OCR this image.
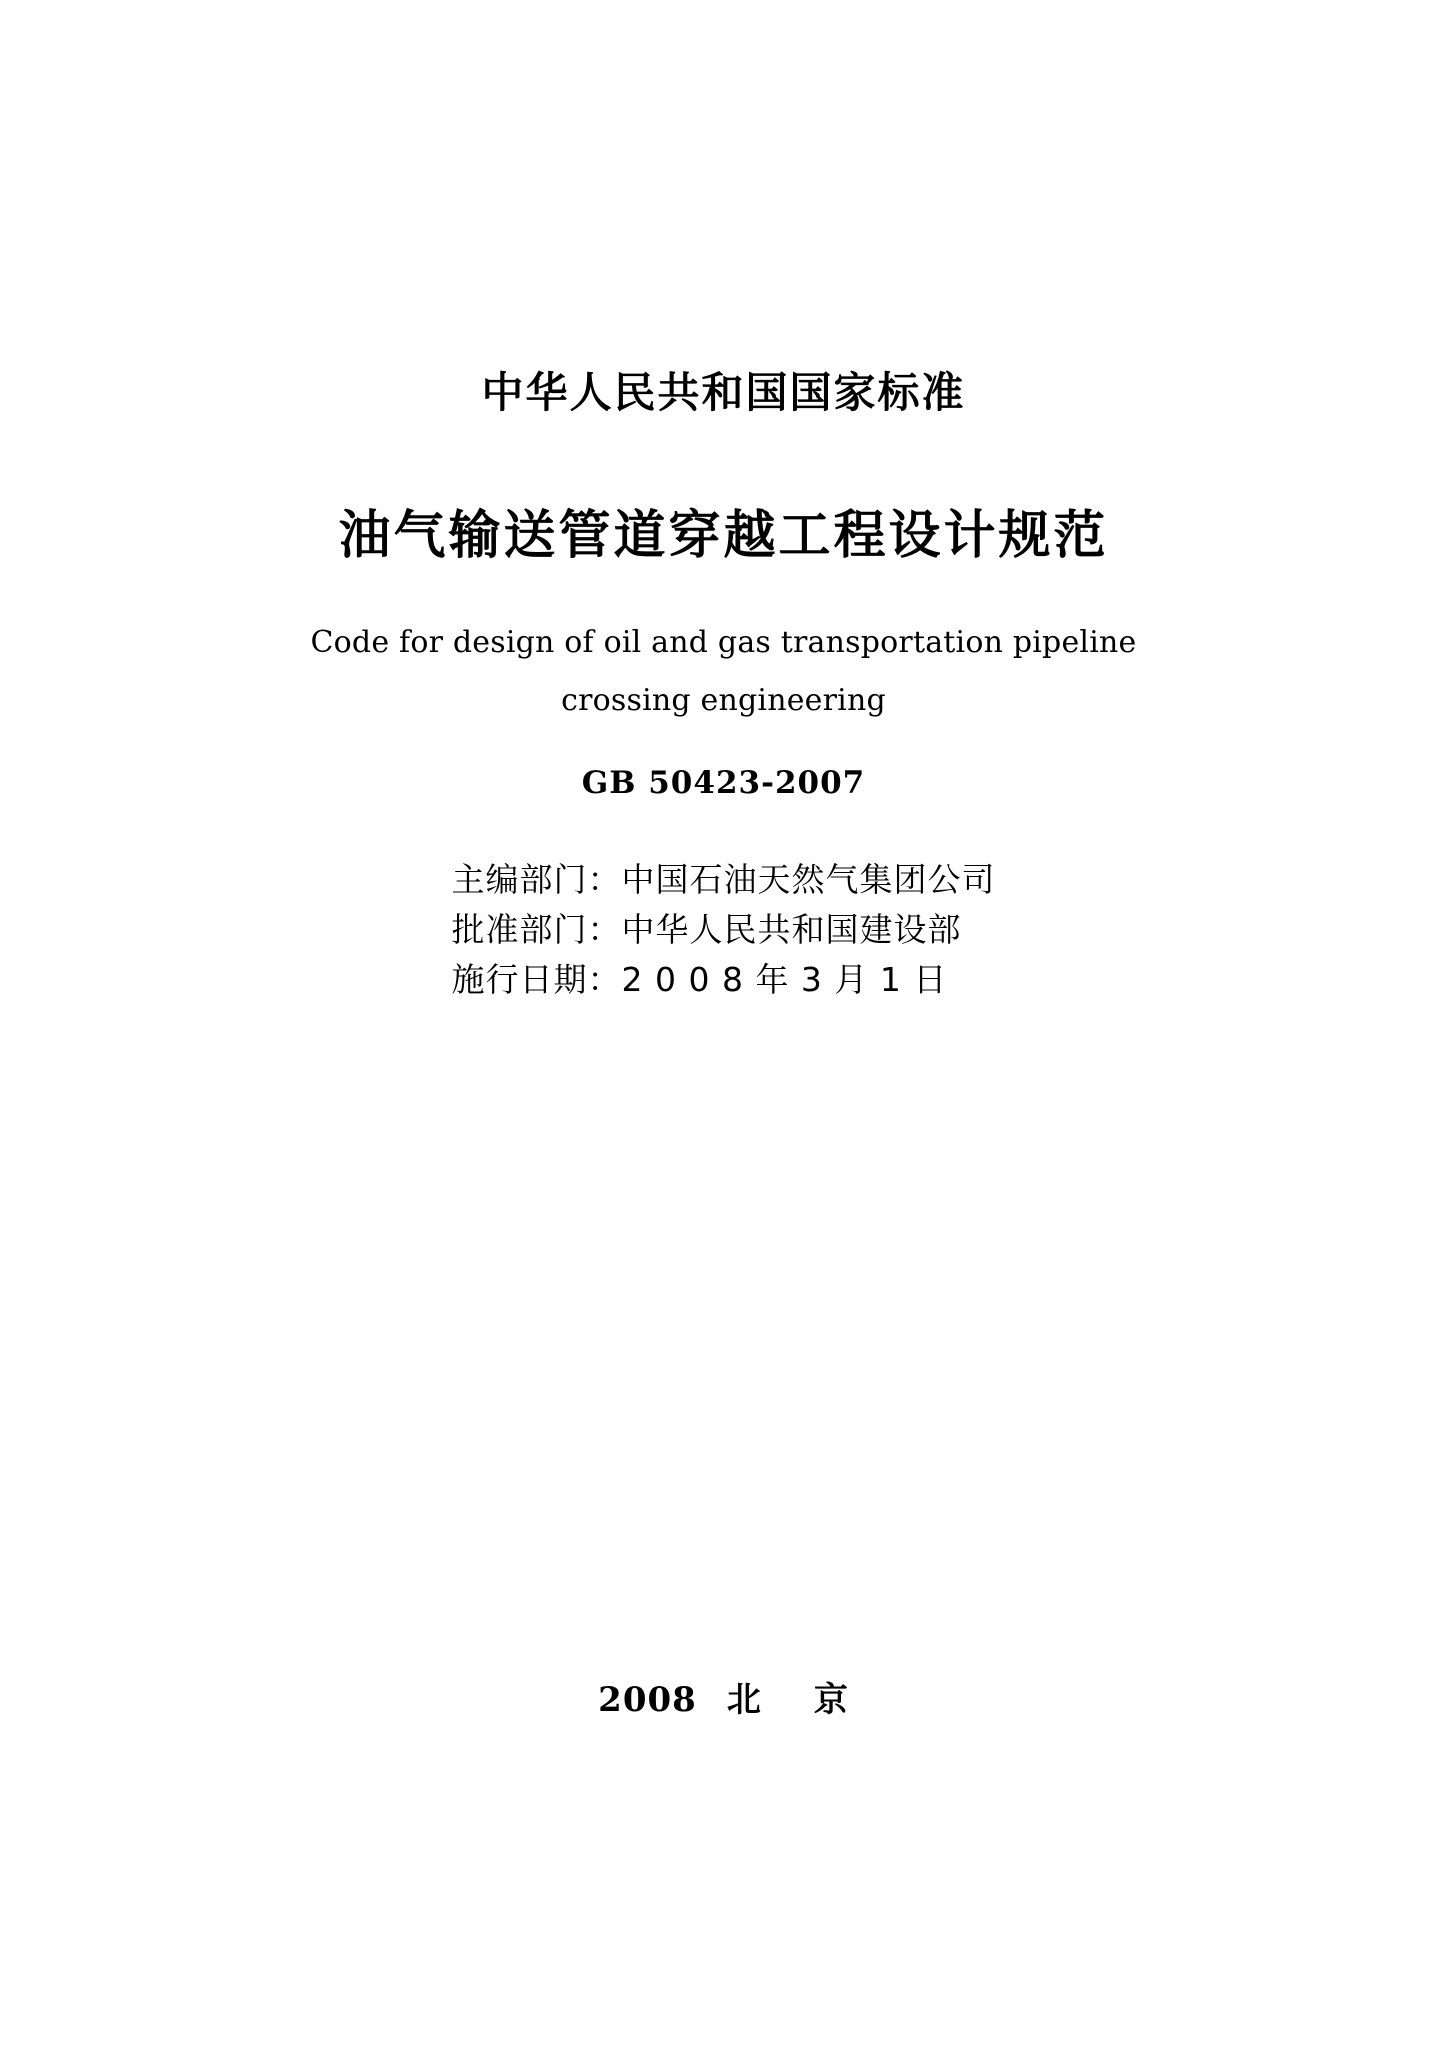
中华人民共和国国家标准
油气输送管道穿越工程设计规范
Code for design of oil and gas transportation pipeline
crossing engineering
GB 50423-2007
主编部门：中国石油天然气集团公司
批准部门：中华人民共和国建设部
施行日期：2 0 0 8 年 3 月 1 日
2008 北 京
